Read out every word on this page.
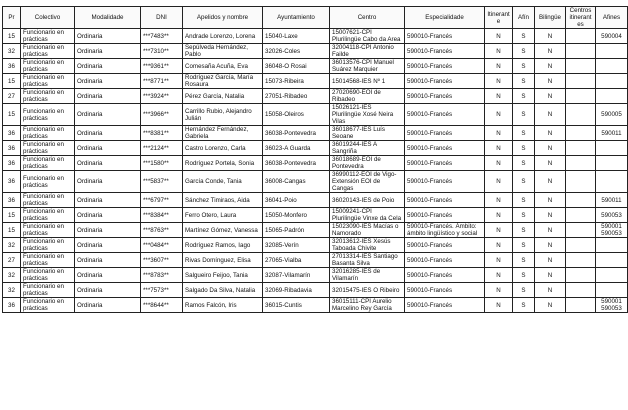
Pr	Colectivo	Modalidade	DNI	Apelidos y nombre	Ayuntamiento	Centro	Especialidade	Itinerante	Afín	Bilingüe	Centros itinerantes	Afines
15	Funcionario en prácticas	Ordinaria	***7483**	Andrade Lorenzo, Lorena	15040-Laxe	15007621-CPI Plurilingüe Cabo da Area	590010-Francés	N	S	N		590004
32	Funcionario en prácticas	Ordinaria	***7310**	Sepúlveda Hernández, Pablo	32026-Coles	32004118-CPI Antonio Failde	590010-Francés	N	S	N		
36	Funcionario en prácticas	Ordinaria	***9361**	Comesaña Acuña, Eva	36048-O Rosai	36013576-CPI Manuel Suárez Marquier	590010-Francés	N	S	N		
15	Funcionario en prácticas	Ordinaria	***8771**	Rodríguez García, María Rosaura	15073-Ribeira	15014568-IES Nº 1	590010-Francés	N	S	N		
27	Funcionario en prácticas	Ordinaria	***3924**	Pérez García, Natalia	27051-Ribadeo	27020690-EOI de Ribadeo	590010-Francés	N	S	N		
15	Funcionario en prácticas	Ordinaria	***3966**	Carrillo Rubio, Alejandro Julián	15058-Oleiros	15026121-IES Plurilingüe Xosé Neira Vilas	590010-Francés	N	S	N		590005
36	Funcionario en prácticas	Ordinaria	***8381**	Hernández Fernández, Gabriela	36038-Pontevedra	36018677-IES Luís Seoane	590010-Francés	N	S	N		590011
36	Funcionario en prácticas	Ordinaria	***2124**	Castro Lorenzo, Carla	36023-A Guarda	36019244-IES A Sangriña	590010-Francés	N	S	N		
36	Funcionario en prácticas	Ordinaria	***1580**	Rodríguez Portela, Sonia	36038-Pontevedra	36018689-EOI de Pontevedra	590010-Francés	N	S	N		
36	Funcionario en prácticas	Ordinaria	***5837**	García Conde, Tania	36008-Cangas	36990112-EOI de Vigo-Extensión EOI de Cangas	590010-Francés	N	S	N		
36	Funcionario en prácticas	Ordinaria	***6797**	Sánchez Timiraos, Aida	36041-Poio	36020143-IES de Poio	590010-Francés	N	S	N		590011
15	Funcionario en prácticas	Ordinaria	***8384**	Ferro Otero, Laura	15050-Monfero	15009241-CPI Plurilingüe Vinxe da Cela	590010-Francés	N	S	N		590053
15	Funcionario en prácticas	Ordinaria	***8763**	Martínez Gómez, Vanessa	15065-Padrón	15023090-IES Macías o Namorado	590010-Francés. Ámbito: ámbito lingüístico y social	N	S	N		590001 590053
32	Funcionario en prácticas	Ordinaria	***0484**	Rodríguez Ramos, Iago	32085-Verín	32013612-IES Xesús Taboada Chivite	590010-Francés	N	S	N		
27	Funcionario en prácticas	Ordinaria	***3607**	Rivas Domínguez, Elisa	27065-Vialba	27013314-IES Santiago Basanta Silva	590010-Francés	N	S	N		
32	Funcionario en prácticas	Ordinaria	***8783**	Salgueiro Feijoo, Tania	32087-Vilamarín	32016285-IES de Vilamarín	590010-Francés	N	S	N		
32	Funcionario en prácticas	Ordinaria	***7573**	Salgado Da Silva, Natalia	32069-Ribadavia	32015475-IES O Ribeiro	590010-Francés	N	S	N		
36	Funcionario en prácticas	Ordinaria	***8644**	Ramos Falcón, Iris	36015-Cuntis	36015111-CPI Aurelio Marcelino Rey García	590010-Francés	N	S	N		590001 590053
